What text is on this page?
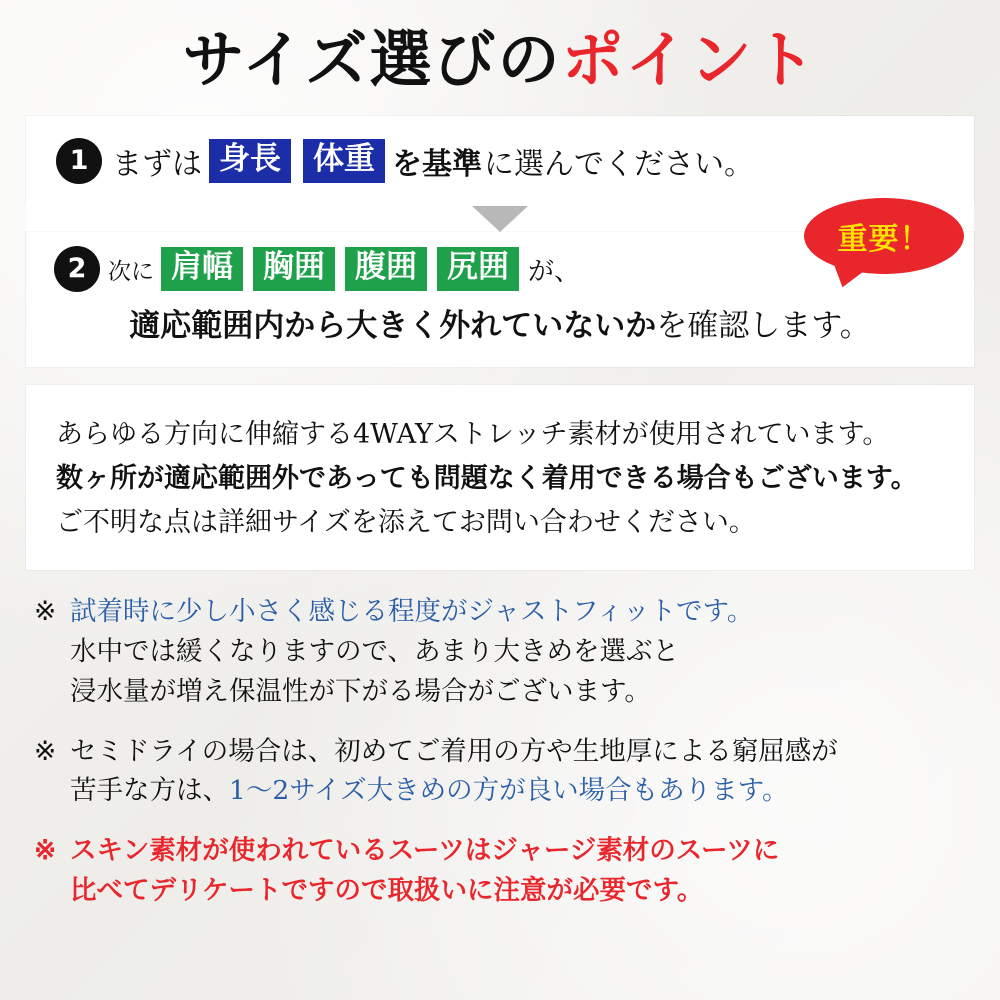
サイズ選びのポイント
1 まずは 身長	体重 を基準 に選んでください。
重要！
2 次に 肩幅 胸囲 腹囲 尻囲 が、
適応範囲内から大きく外れていないかを確認します。
あらゆる方向に伸縮する4WAYストレッチ素材が使用されています。
数ヶ所が適応範囲外であっても問題なく着用できる場合もございます。
ご不明な点は詳細サイズを添えてお問い合わせください。
※ 試着時に少し小さく感じる程度がジャストフィットです。
水中では緩くなりますので、あまり大きめを選ぶと
浸水量が増え保温性が下がる場合がございます。
※ セミドライの場合は、初めてご着用の方や生地厚による窮屈感が
苦手な方は、1〜2サイズ大きめの方が良い場合もあります。
※ スキン素材が使われているスーツはジャージ素材のスーツに
比べてデリケートですので取扱いに注意が必要です。
